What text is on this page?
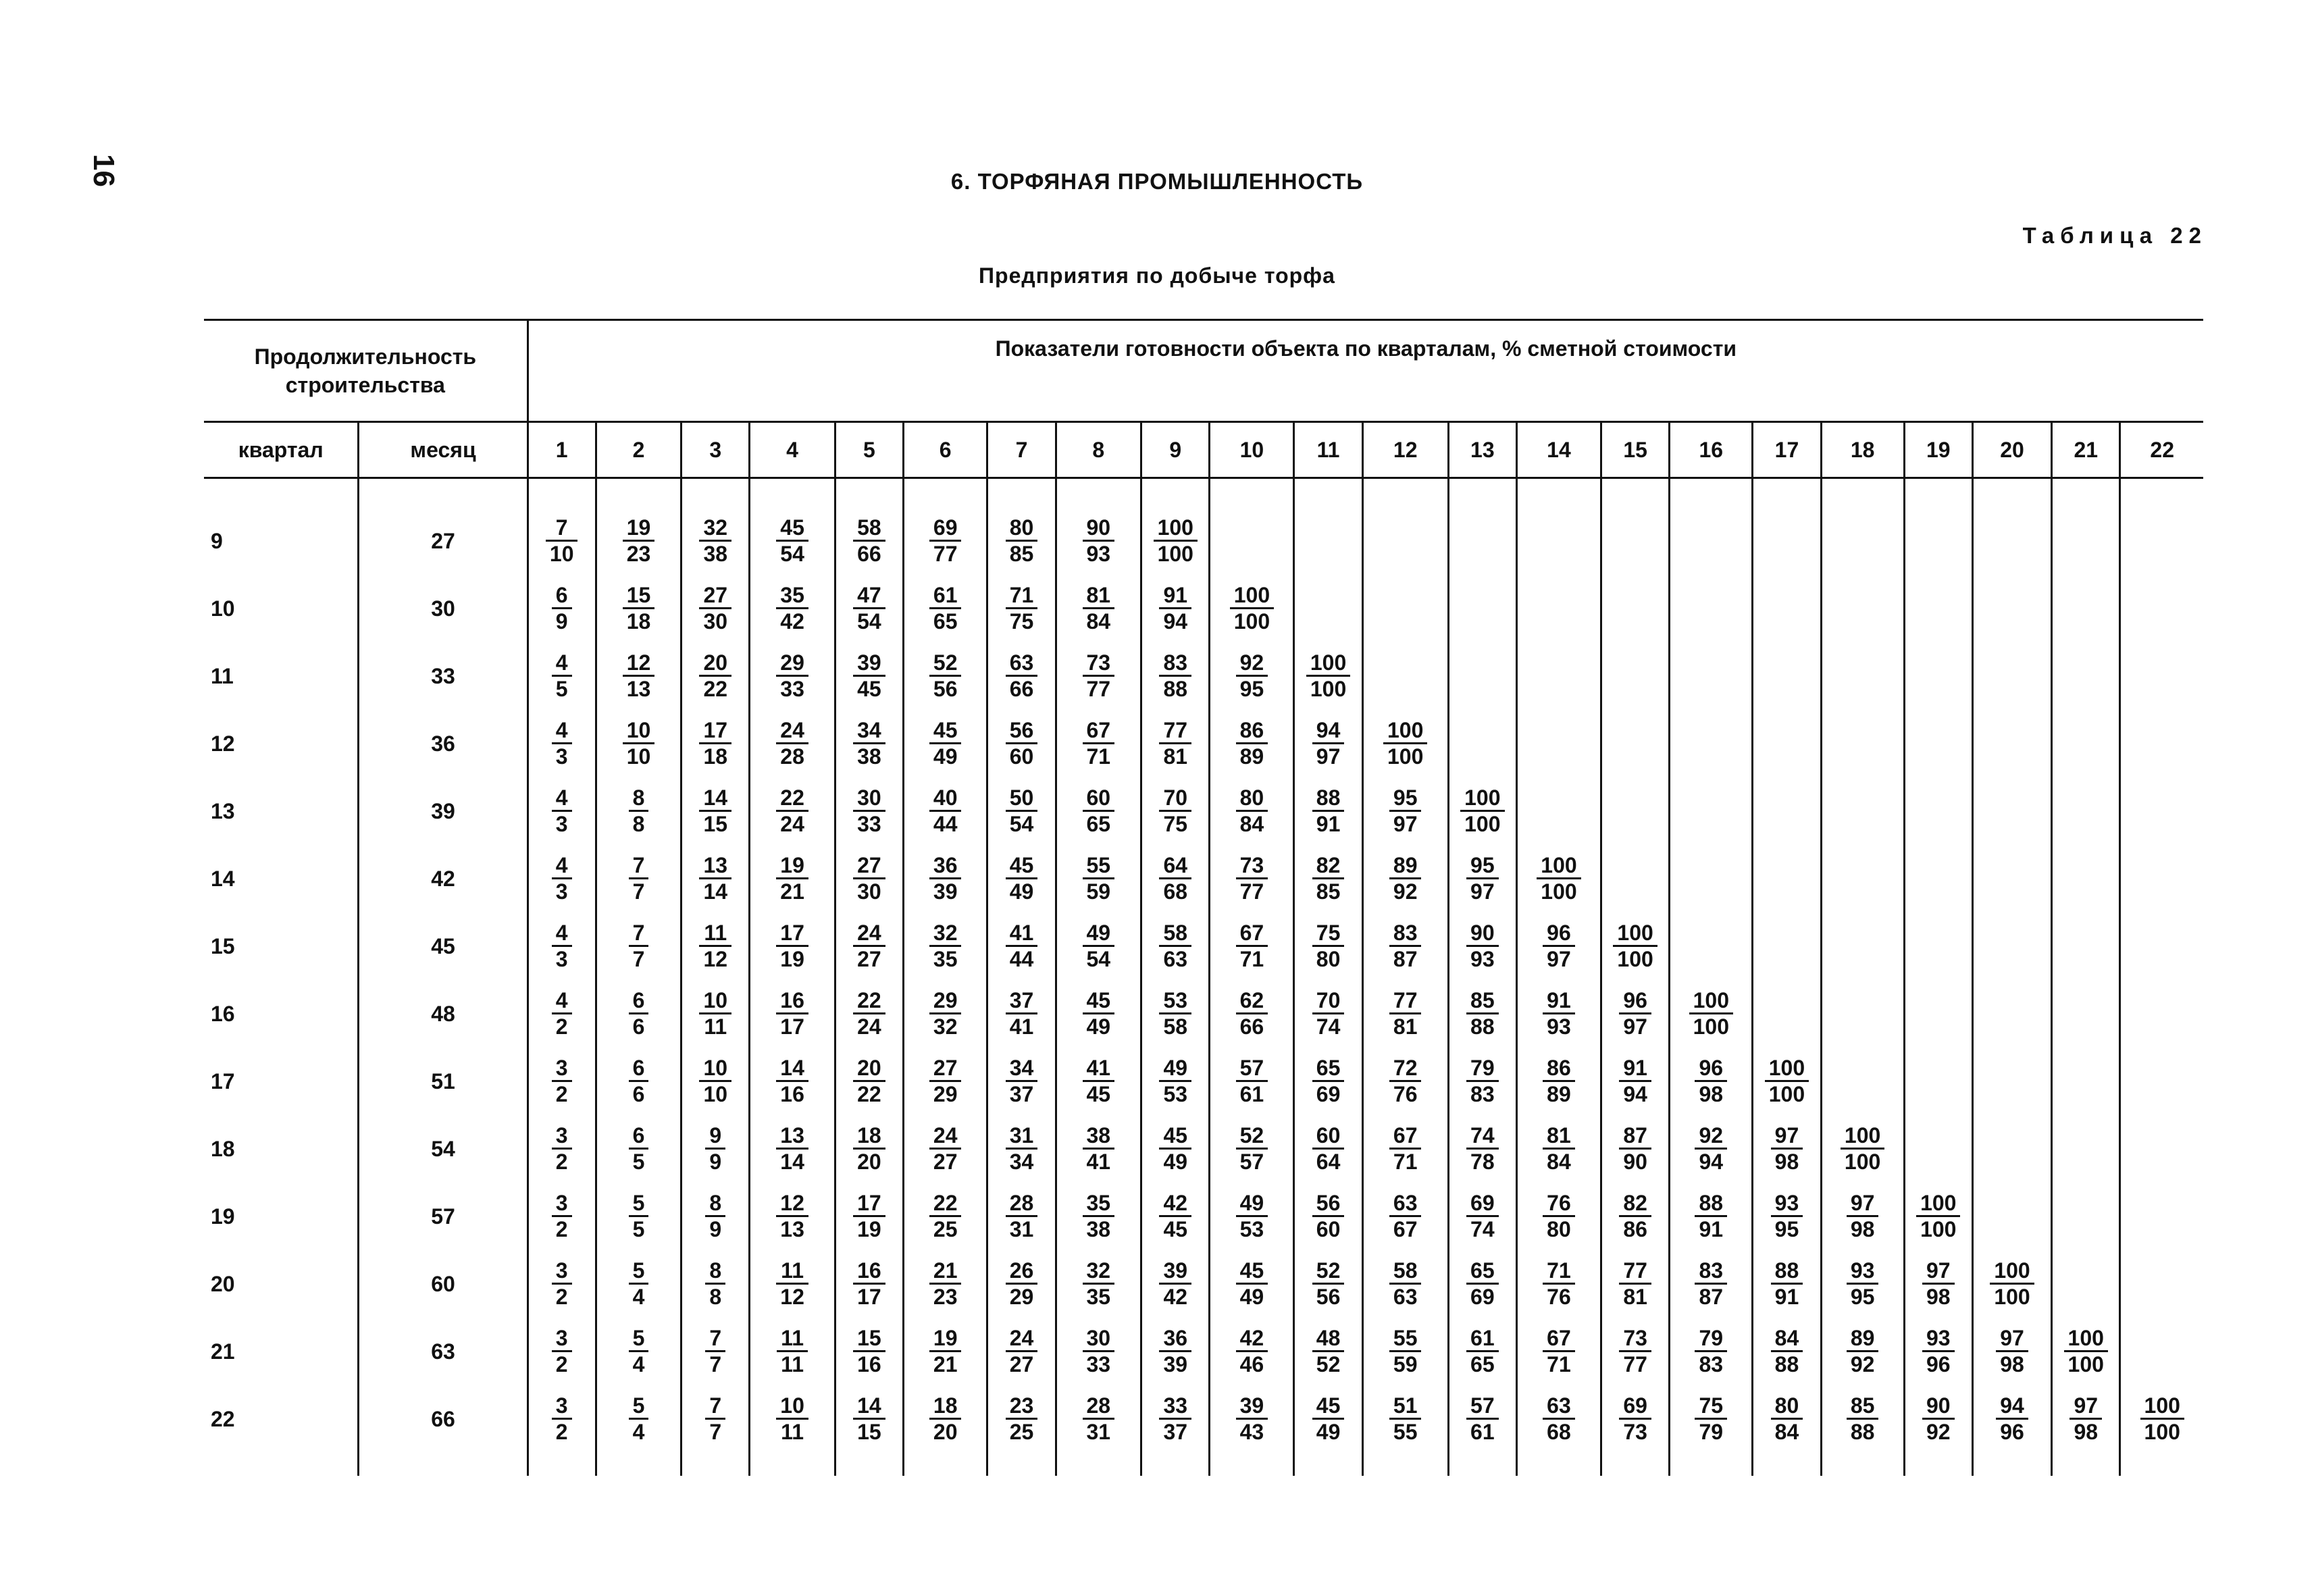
16	6. ТОРФЯНАЯ ПРОМЫШЛЕННОСТЬ
Таблица 22
Предприятия по добыче торфа
Продолжительность строительства		Показатели готовности объекта по кварталам, % сметной стоимости																					

квартал	месяц	1	2	3	4	5	6	7	8	9	10	11	12	13	14	15	16	17	18	19	20	21	22
9	27	$\frac{7}{10}$	$\frac{19}{23}$	$\frac{32}{38}$	$\frac{45}{54}$	$\frac{58}{66}$	$\frac{69}{77}$	$\frac{80}{85}$	$\frac{90}{93}$	$\frac{100}{100}$

10	30	$\frac{6}{9}$	$\frac{15}{18}$	$\frac{27}{30}$	$\frac{35}{42}$	$\frac{47}{54}$	$\frac{61}{65}$	$\frac{71}{75}$	$\frac{81}{84}$	$\frac{91}{94}$	$\frac{100}{100}$

11	33	$\frac{4}{5}$	$\frac{12}{13}$	$\frac{20}{22}$	$\frac{29}{33}$	$\frac{39}{45}$	$\frac{52}{56}$	$\frac{63}{66}$	$\frac{73}{77}$	$\frac{83}{88}$	$\frac{92}{95}$	$\frac{100}{100}$

12	36	$\frac{4}{3}$	$\frac{10}{10}$	$\frac{17}{18}$	$\frac{24}{28}$	$\frac{34}{38}$	$\frac{45}{49}$	$\frac{56}{60}$	$\frac{67}{71}$	$\frac{77}{81}$	$\frac{86}{89}$	$\frac{94}{97}$	$\frac{100}{100}$

13	39	$\frac{4}{3}$	$\frac{8}{8}$	$\frac{14}{15}$	$\frac{22}{24}$	$\frac{30}{33}$	$\frac{40}{44}$	$\frac{50}{54}$	$\frac{60}{65}$	$\frac{70}{75}$	$\frac{80}{84}$	$\frac{88}{91}$	$\frac{95}{97}$	$\frac{100}{100}$

14	42	$\frac{4}{3}$	$\frac{7}{7}$	$\frac{13}{14}$	$\frac{19}{21}$	$\frac{27}{30}$	$\frac{36}{39}$	$\frac{45}{49}$	$\frac{55}{59}$	$\frac{64}{68}$	$\frac{73}{77}$	$\frac{82}{85}$	$\frac{89}{92}$	$\frac{95}{97}$	$\frac{100}{100}$

15	45	$\frac{4}{3}$	$\frac{7}{7}$	$\frac{11}{12}$	$\frac{17}{19}$	$\frac{24}{27}$	$\frac{32}{35}$	$\frac{41}{44}$	$\frac{49}{54}$	$\frac{58}{63}$	$\frac{67}{71}$	$\frac{75}{80}$	$\frac{83}{87}$	$\frac{90}{93}$	$\frac{96}{97}$	$\frac{100}{100}$

16	48	$\frac{4}{2}$	$\frac{6}{6}$	$\frac{10}{11}$	$\frac{16}{17}$	$\frac{22}{24}$	$\frac{29}{32}$	$\frac{37}{41}$	$\frac{45}{49}$	$\frac{53}{58}$	$\frac{62}{66}$	$\frac{70}{74}$	$\frac{77}{81}$	$\frac{85}{88}$	$\frac{91}{93}$	$\frac{96}{97}$	$\frac{100}{100}$

17	51	$\frac{3}{2}$	$\frac{6}{6}$	$\frac{10}{10}$	$\frac{14}{16}$	$\frac{20}{22}$	$\frac{27}{29}$	$\frac{34}{37}$	$\frac{41}{45}$	$\frac{49}{53}$	$\frac{57}{61}$	$\frac{65}{69}$	$\frac{72}{76}$	$\frac{79}{83}$	$\frac{86}{89}$	$\frac{91}{94}$	$\frac{96}{98}$	$\frac{100}{100}$

18	54	$\frac{3}{2}$	$\frac{6}{5}$	$\frac{9}{9}$	$\frac{13}{14}$	$\frac{18}{20}$	$\frac{24}{27}$	$\frac{31}{34}$	$\frac{38}{41}$	$\frac{45}{49}$	$\frac{52}{57}$	$\frac{60}{64}$	$\frac{67}{71}$	$\frac{74}{78}$	$\frac{81}{84}$	$\frac{87}{90}$	$\frac{92}{94}$	$\frac{97}{98}$	$\frac{100}{100}$

19	57	$\frac{3}{2}$	$\frac{5}{5}$	$\frac{8}{9}$	$\frac{12}{13}$	$\frac{17}{19}$	$\frac{22}{25}$	$\frac{28}{31}$	$\frac{35}{38}$	$\frac{42}{45}$	$\frac{49}{53}$	$\frac{56}{60}$	$\frac{63}{67}$	$\frac{69}{74}$	$\frac{76}{80}$	$\frac{82}{86}$	$\frac{88}{91}$	$\frac{93}{95}$	$\frac{97}{98}$	$\frac{100}{100}$

20	60	$\frac{3}{2}$	$\frac{5}{4}$	$\frac{8}{8}$	$\frac{11}{12}$	$\frac{16}{17}$	$\frac{21}{23}$	$\frac{26}{29}$	$\frac{32}{35}$	$\frac{39}{42}$	$\frac{45}{49}$	$\frac{52}{56}$	$\frac{58}{63}$	$\frac{65}{69}$	$\frac{71}{76}$	$\frac{77}{81}$	$\frac{83}{87}$	$\frac{88}{91}$	$\frac{93}{95}$	$\frac{97}{98}$	$\frac{100}{100}$

21	63	$\frac{3}{2}$	$\frac{5}{4}$	$\frac{7}{7}$	$\frac{11}{11}$	$\frac{15}{16}$	$\frac{19}{21}$	$\frac{24}{27}$	$\frac{30}{33}$	$\frac{36}{39}$	$\frac{42}{46}$	$\frac{48}{52}$	$\frac{55}{59}$	$\frac{61}{65}$	$\frac{67}{71}$	$\frac{73}{77}$	$\frac{79}{83}$	$\frac{84}{88}$	$\frac{89}{92}$	$\frac{93}{96}$	$\frac{97}{98}$	$\frac{100}{100}$

22	66	$\frac{3}{2}$	$\frac{5}{4}$	$\frac{7}{7}$	$\frac{10}{11}$	$\frac{14}{15}$	$\frac{18}{20}$	$\frac{23}{25}$	$\frac{28}{31}$	$\frac{33}{37}$	$\frac{39}{43}$	$\frac{45}{49}$	$\frac{51}{55}$	$\frac{57}{61}$	$\frac{63}{68}$	$\frac{69}{73}$	$\frac{75}{79}$	$\frac{80}{84}$	$\frac{85}{88}$	$\frac{90}{92}$	$\frac{94}{96}$	$\frac{97}{98}$	$\frac{100}{100}$
